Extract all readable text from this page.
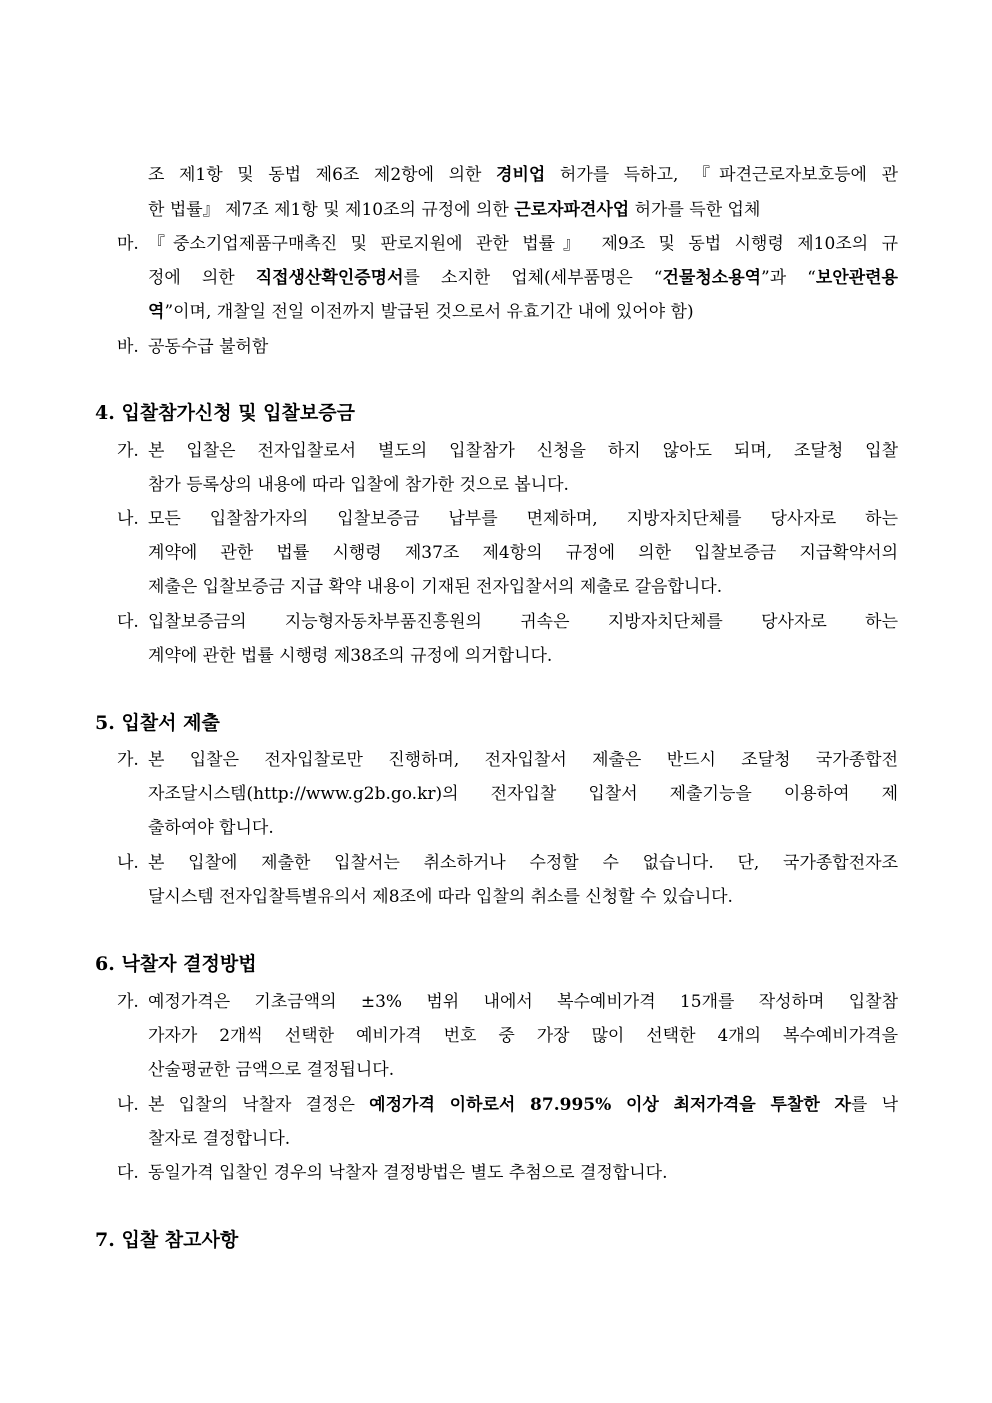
조 제1항 및 동법 제6조 제2항에 의한 경비업 허가를 득하고, 『파견근로자보호등에 관
한 법률』 제7조 제1항 및 제10조의 규정에 의한 근로자파견사업 허가를 득한 업체
마. 『중소기업제품구매촉진 및 판로지원에 관한 법률』 제9조 및 동법 시행령 제10조의 규
정에 의한 직접생산확인증명서를 소지한 업체(세부품명은 “건물청소용역”과 “보안관련용
역”이며, 개찰일 전일 이전까지 발급된 것으로서 유효기간 내에 있어야 함)
바. 공동수급 불허함
4. 입찰참가신청 및 입찰보증금
가. 본 입찰은 전자입찰로서 별도의 입찰참가 신청을 하지 않아도 되며, 조달청 입찰
참가 등록상의 내용에 따라 입찰에 참가한 것으로 봅니다.
나. 모든 입찰참가자의 입찰보증금 납부를 면제하며, 지방자치단체를 당사자로 하는
계약에 관한 법률 시행령 제37조 제4항의 규정에 의한 입찰보증금 지급확약서의
제출은 입찰보증금 지급 확약 내용이 기재된 전자입찰서의 제출로 갈음합니다.
다. 입찰보증금의 지능형자동차부품진흥원의 귀속은 지방자치단체를 당사자로 하는
계약에 관한 법률 시행령 제38조의 규정에 의거합니다.
5. 입찰서 제출
가. 본 입찰은 전자입찰로만 진행하며, 전자입찰서 제출은 반드시 조달청 국가종합전
자조달시스템(http://www.g2b.go.kr)의 전자입찰 입찰서 제출기능을 이용하여 제
출하여야 합니다.
나. 본 입찰에 제출한 입찰서는 취소하거나 수정할 수 없습니다. 단, 국가종합전자조
달시스템 전자입찰특별유의서 제8조에 따라 입찰의 취소를 신청할 수 있습니다.
6. 낙찰자 결정방법
가. 예정가격은 기초금액의 ±3% 범위 내에서 복수예비가격 15개를 작성하며 입찰참
가자가 2개씩 선택한 예비가격 번호 중 가장 많이 선택한 4개의 복수예비가격을
산술평균한 금액으로 결정됩니다.
나. 본 입찰의 낙찰자 결정은 예정가격 이하로서 87.995% 이상 최저가격을 투찰한 자를 낙
찰자로 결정합니다.
다. 동일가격 입찰인 경우의 낙찰자 결정방법은 별도 추첨으로 결정합니다.
7. 입찰 참고사항
